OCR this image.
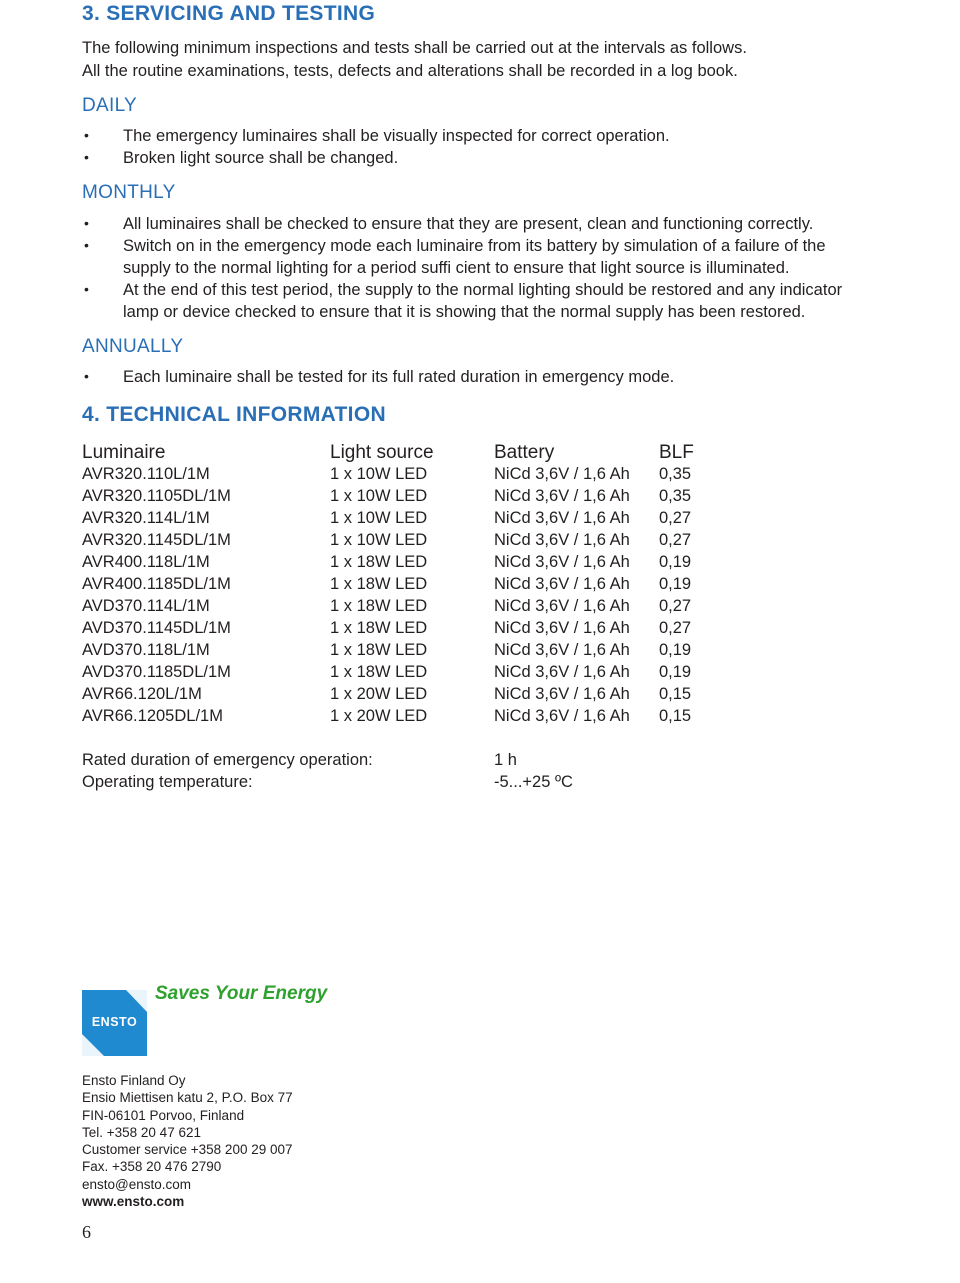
3. SERVICING AND TESTING
The following minimum inspections and tests shall be carried out at the intervals as follows.
All the routine examinations, tests, defects and alterations shall be recorded in a log book.
DAILY
• The emergency luminaires shall be visually inspected for correct operation.
• Broken light source shall be changed.
MONTHLY
• All luminaires shall be checked to ensure that they are present, clean and functioning correctly.
• Switch on in the emergency mode each luminaire from its battery by simulation of a failure of the
supply to the normal lighting for a period suffi cient to ensure that light source is illuminated.
• At the end of this test period, the supply to the normal lighting should be restored and any indicator
lamp or device checked to ensure that it is showing that the normal supply has been restored.
ANNUALLY
• Each luminaire shall be tested for its full rated duration in emergency mode.
4. TECHNICAL INFORMATION
Luminaire	Light source	Battery	BLF
AVR320.110L/1M	1 x 10W LED	NiCd 3,6V / 1,6 Ah 0,35
AVR320.1105DL/1M	1 x 10W LED	NiCd 3,6V / 1,6 Ah 0,35
AVR320.114L/1M	1 x 10W LED	NiCd 3,6V / 1,6 Ah 0,27
AVR320.1145DL/1M	1 x 10W LED	NiCd 3,6V / 1,6 Ah 0,27
AVR400.118L/1M	1 x 18W LED	NiCd 3,6V / 1,6 Ah 0,19
AVR400.1185DL/1M	1 x 18W LED	NiCd 3,6V / 1,6 Ah 0,19
AVD370.114L/1M	1 x 18W LED	NiCd 3,6V / 1,6 Ah 0,27
AVD370.1145DL/1M	1 x 18W LED	NiCd 3,6V / 1,6 Ah 0,27
AVD370.118L/1M	1 x 18W LED	NiCd 3,6V / 1,6 Ah 0,19
AVD370.1185DL/1M	1 x 18W LED	NiCd 3,6V / 1,6 Ah 0,19
AVR66.120L/1M	1 x 20W LED	NiCd 3,6V / 1,6 Ah 0,15
AVR66.1205DL/1M	1 x 20W LED	NiCd 3,6V / 1,6 Ah 0,15
Rated duration of emergency operation:	1 h
Operating temperature:	-5...+25 ºC
ENSTO
Saves Your Energy
Ensto Finland Oy
Ensio Miettisen katu 2, P.O. Box 77
FIN-06101 Porvoo, Finland
Tel. +358 20 47 621
Customer service +358 200 29 007
Fax. +358 20 476 2790
ensto@ensto.com
www.ensto.com
6
